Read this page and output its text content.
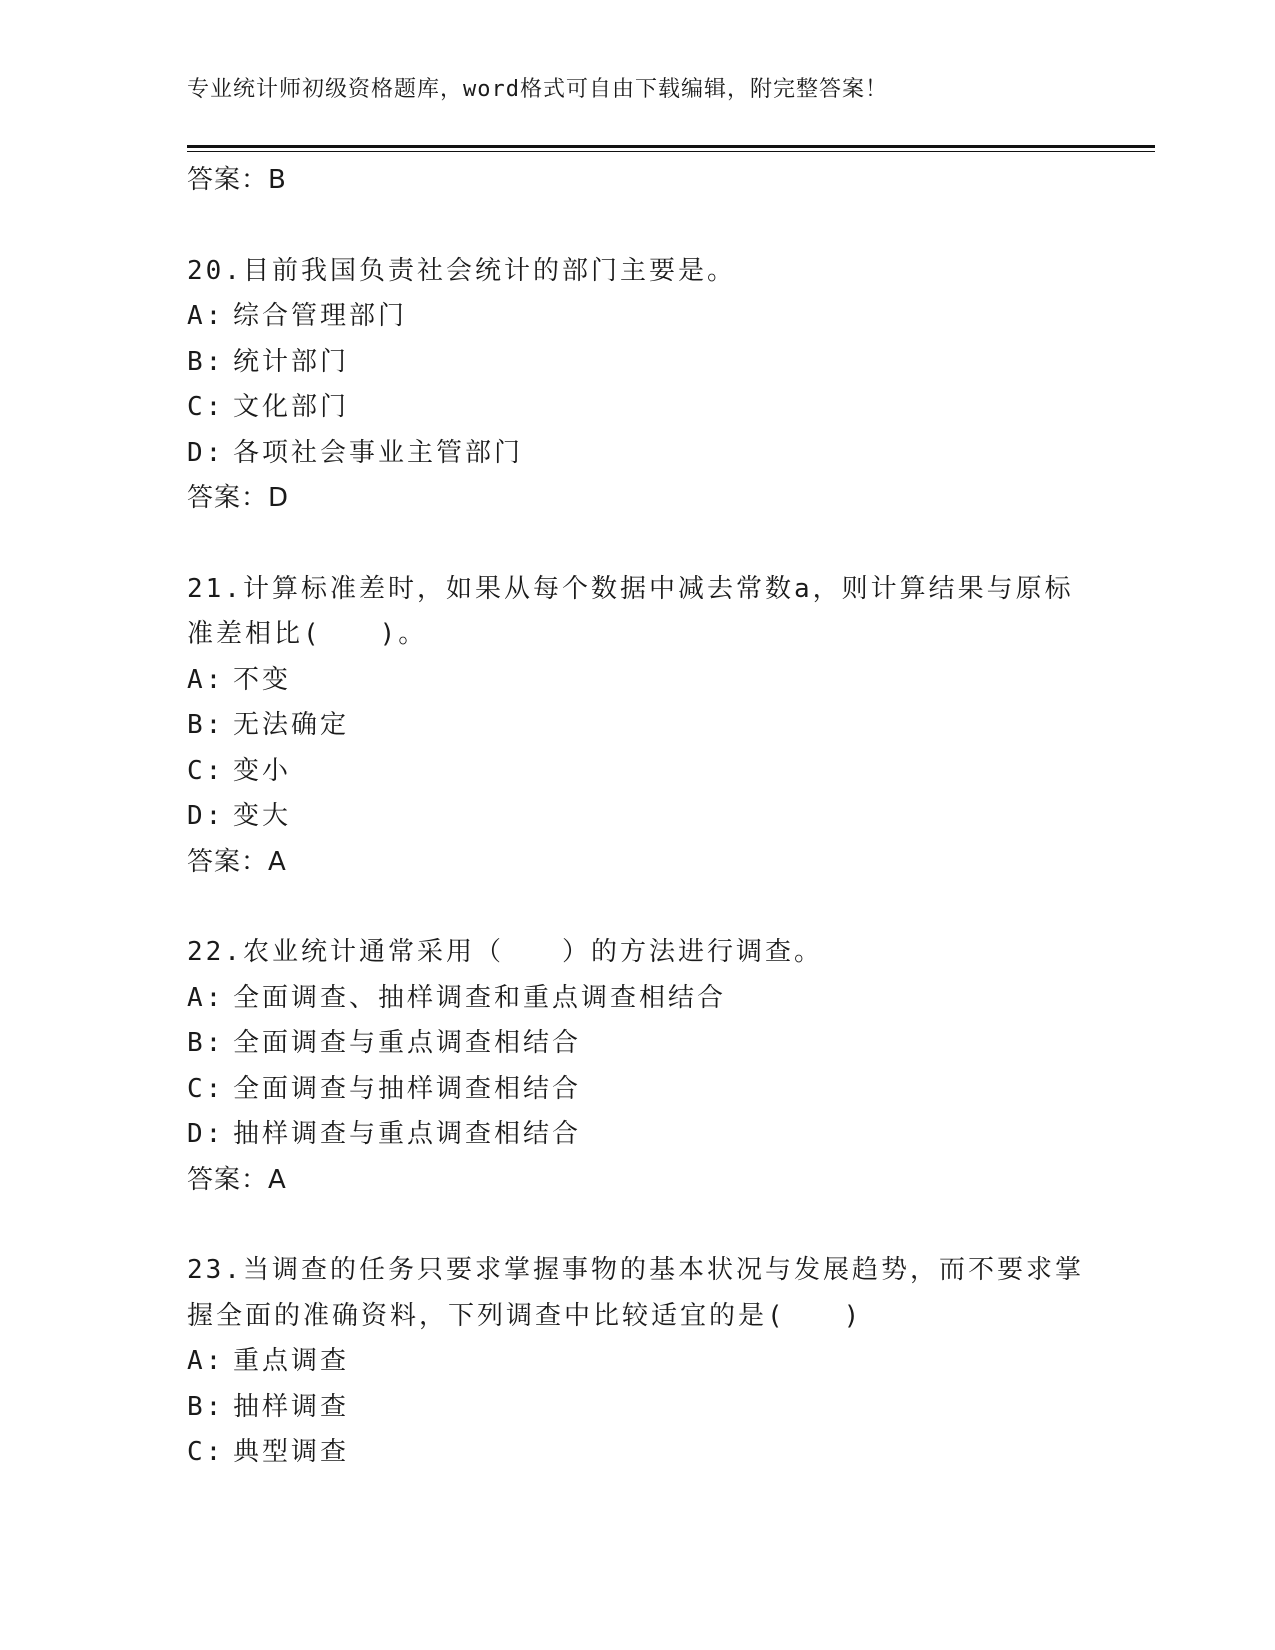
专业统计师初级资格题库，word格式可自由下载编辑，附完整答案！
答案：B
20.目前我国负责社会统计的部门主要是。
A: 综合管理部门
B: 统计部门
C: 文化部门
D: 各项社会事业主管部门
答案：D
21.计算标准差时，如果从每个数据中减去常数a，则计算结果与原标
准差相比(　　)。
A: 不变
B: 无法确定
C: 变小
D: 变大
答案：A
22.农业统计通常采用（　　）的方法进行调查。
A: 全面调查、抽样调查和重点调查相结合
B: 全面调查与重点调查相结合
C: 全面调查与抽样调查相结合
D: 抽样调查与重点调查相结合
答案：A
23.当调查的任务只要求掌握事物的基本状况与发展趋势，而不要求掌
握全面的准确资料，下列调查中比较适宜的是(　　)
A: 重点调查
B: 抽样调查
C: 典型调查
